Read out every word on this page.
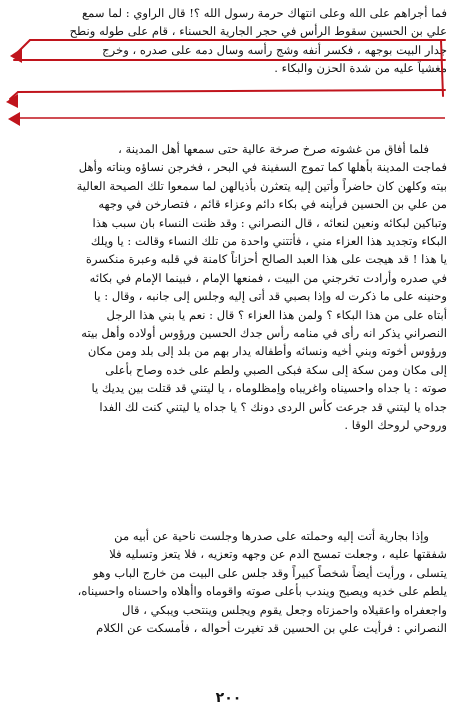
فما أجراهم على الله وعلى انتهاك حرمة رسول الله ؟! قال الراوي : لما سمع
علي بن الحسين سقوط الرأس في حجر الجارية الحسناء ، قام على طوله ونطح
جدار البيت بوجهه ، فكسر أنفه وشج رأسه وسال دمه على صدره ، وخرج
مغشياً عليه من شدة الحزن والبكاء .
فلما أفاق من غشوته صرخ صرخة عالية حتى سمعها أهل المدينة ،
فماجت المدينة بأهلها كما تموج السفينة في البحر ، فخرجن نساؤه وبناته وأهل
بيته وكلهن كان حاضراً وأتين إليه يتعثرن بأذيالهن لما سمعوا تلك الصيحة العالية
من علي بن الحسين فرأينه في بكاء دائم وعزاء قائم ، فتصارخن في وجهه
وتباكين لبكائه ونعين لنعائه ، قال النصراني : وقد ظنت النساء بان سبب هذا
البكاء وتجديد هذا العزاء مني ، فأتتني واحدة من تلك النساء وقالت : يا ويلك
يا هذا ! قد هيجت على هذا العبد الصالح أحزاناً كامنة في قلبه وعبرة منكسرة
في صدره وأرادت تخرجني من البيت ، فمنعها الإمام ، فبينما الإمام في بكائه
وحنينه على ما ذكرت له وإذا بصبي قد أتى إليه وجلس إلى جانبه ، وقال : يا
أبتاه على من هذا البكاء ؟ ولمن هذا العزاء ؟ قال : نعم يا بني هذا الرجل
النصراني يذكر انه رأى في منامه رأس جدك الحسين ورؤوس أولاده وأهل بيته
ورؤوس أخوته وبني أخيه ونسائه وأطفاله يدار بهم من بلد إلى بلد ومن مكان
إلى مكان ومن سكة إلى سكة فبكى الصبي ولطم على خده وصاح بأعلى
صوته : يا جداه واحسيناه واغريباه واِمظلوماه ، يا ليتني قد قتلت بين يديك يا
جداه يا ليتني قد جرعت كأس الردى دونك ؟ يا جداه يا ليتني كنت لك الفدا
وروحي لروحك الوقا .
وإذا بجارية أتت إليه وحملته على صدرها وجلست ناحية عن أبيه من
شفقتها عليه ، وجعلت تمسح الدم عن وجهه وتعزيه ، فلا يتعز وتسليه فلا
يتسلى ، ورأيت أيضاً شخصاً كبيراً وقد جلس على البيت من خارج الباب وهو
يلطم على خديه ويصيح ويندب بأعلى صوته واقوماه واأهلاه واحسناه واحسيناه،
واجعفراه واعقيلاه واحمزتاه وجعل يقوم ويجلس وينتحب ويبكي ، قال
النصراني : فرأيت علي بن الحسين قد تغيرت أحواله ، فأمسكت عن الكلام
٢٠٠
